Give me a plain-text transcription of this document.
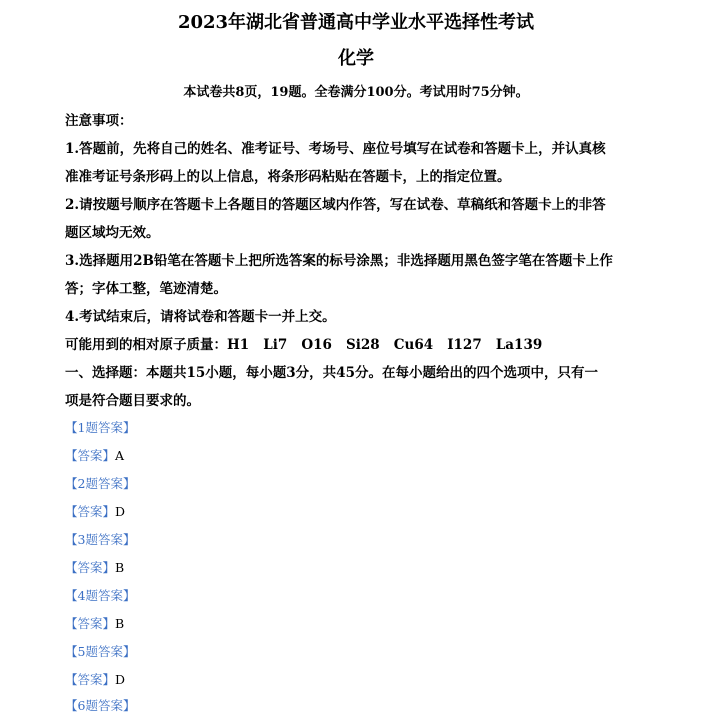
2023年湖北省普通高中学业水平选择性考试
化学
本试卷共8页，19题。全卷满分100分。考试用时75分钟。
注意事项：
1.答题前，先将自己的姓名、准考证号、考场号、座位号填写在试卷和答题卡上，并认真核
准准考证号条形码上的以上信息，将条形码粘贴在答题卡，上的指定位置。
2.请按题号顺序在答题卡上各题目的答题区域内作答，写在试卷、草稿纸和答题卡上的非答
题区域均无效。
3.选择题用2B铅笔在答题卡上把所选答案的标号涂黑；非选择题用黑色签字笔在答题卡上作
答；字体工整，笔迹清楚。
4.考试结束后，请将试卷和答题卡一并上交。
可能用到的相对原子质量：H1   Li7   O16   Si28   Cu64   I127   La139
一、选择题：本题共15小题，每小题3分，共45分。在每小题给出的四个选项中，只有一
项是符合题目要求的。
【1题答案】
【答案】A
【2题答案】
【答案】D
【3题答案】
【答案】B
【4题答案】
【答案】B
【5题答案】
【答案】D
【6题答案】
